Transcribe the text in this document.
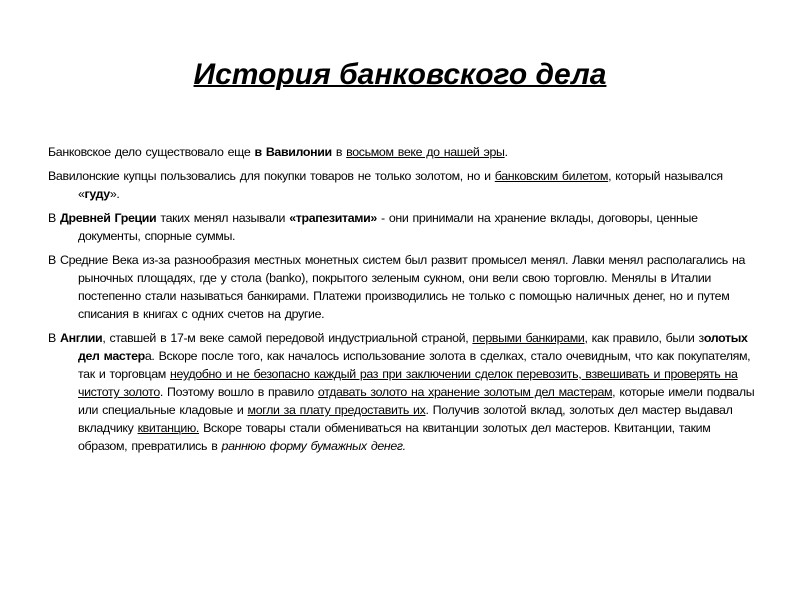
История банковского дела

Банковское дело существовало еще в Вавилонии в восьмом веке до нашей эры.

Вавилонские купцы пользовались для покупки товаров не только золотом, но и банковским билетом, который назывался «гуду».

В Древней Греции таких менял называли «трапезитами» - они принимали на хранение вклады, договоры, ценные документы, спорные суммы.

В Средние Века из-за разнообразия местных монетных систем был развит промысел менял. Лавки менял располагались на рыночных площадях, где у стола (banko), покрытого зеленым сукном, они вели свою торговлю. Менялы в Италии постепенно стали называться банкирами. Платежи производились не только с помощью наличных денег, но и путем списания в книгах с одних счетов на другие.

В Англии, ставшей в 17-м веке самой передовой индустриальной страной, первыми банкирами, как правило, были золотых дел мастера. Вскоре после того, как началось использование золота в сделках, стало очевидным, что как покупателям, так и торговцам неудобно и не безопасно каждый раз при заключении сделок перевозить, взвешивать и проверять на чистоту золото. Поэтому вошло в правило отдавать золото на хранение золотым дел мастерам, которые имели подвалы или специальные кладовые и могли за плату предоставить их. Получив золотой вклад, золотых дел мастер выдавал вкладчику квитанцию. Вскоре товары стали обмениваться на квитанции золотых дел мастеров. Квитанции, таким образом, превратились в раннюю форму бумажных денег.
